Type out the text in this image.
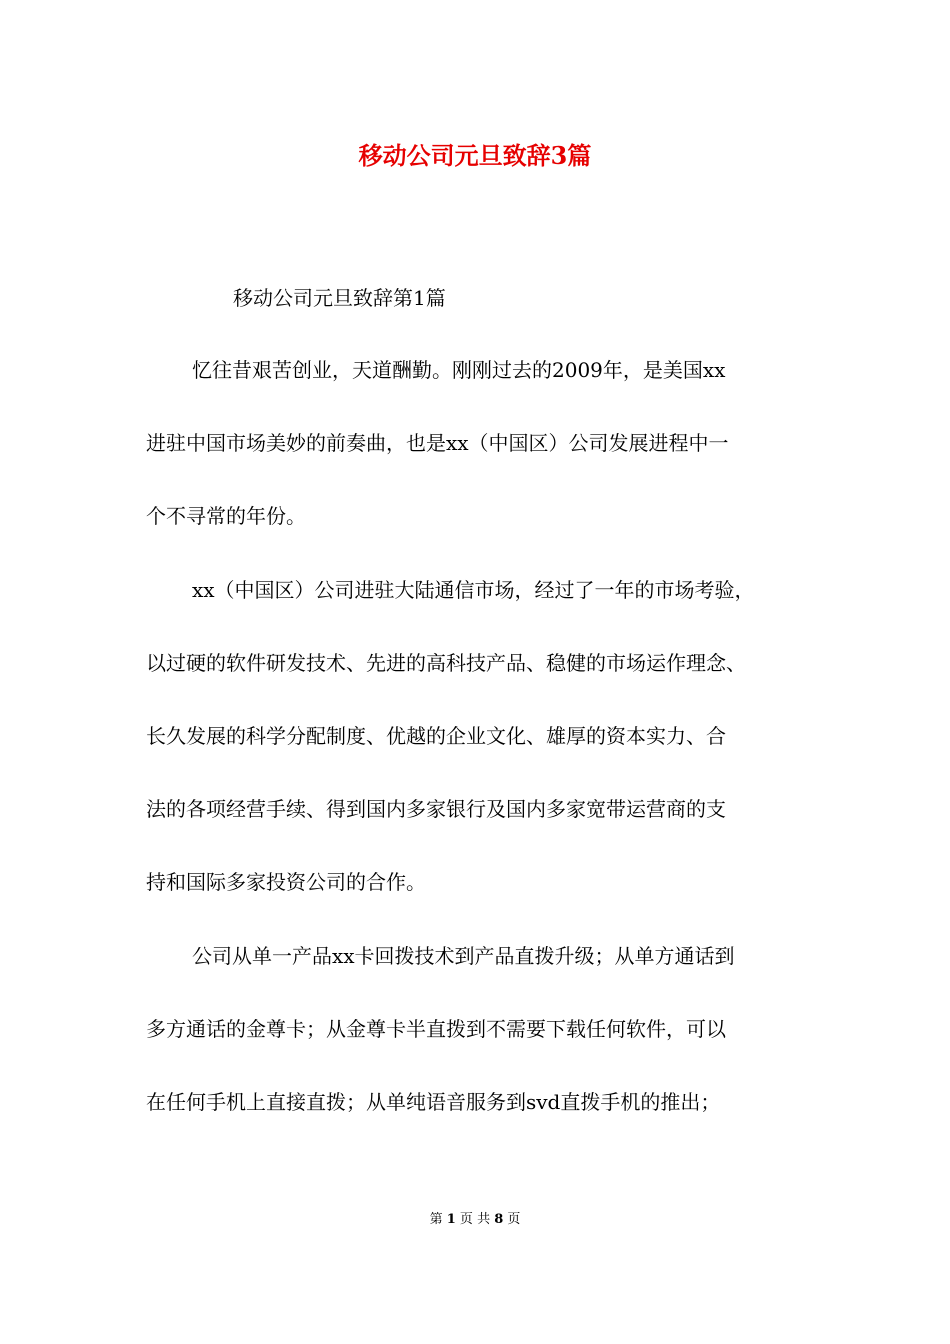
移动公司元旦致辞3篇
移动公司元旦致辞第1篇
忆往昔艰苦创业，天道酬勤。刚刚过去的2009年，是美国xx
进驻中国市场美妙的前奏曲，也是xx（中国区）公司发展进程中一
个不寻常的年份。
xx（中国区）公司进驻大陆通信市场，经过了一年的市场考验，
以过硬的软件研发技术、先进的高科技产品、稳健的市场运作理念、
长久发展的科学分配制度、优越的企业文化、雄厚的资本实力、合
法的各项经营手续、得到国内多家银行及国内多家宽带运营商的支
持和国际多家投资公司的合作。
公司从单一产品xx卡回拨技术到产品直拨升级；从单方通话到
多方通话的金尊卡；从金尊卡半直拨到不需要下载任何软件，可以
在任何手机上直接直拨；从单纯语音服务到svd直拨手机的推出；
第 1 页 共 8 页
